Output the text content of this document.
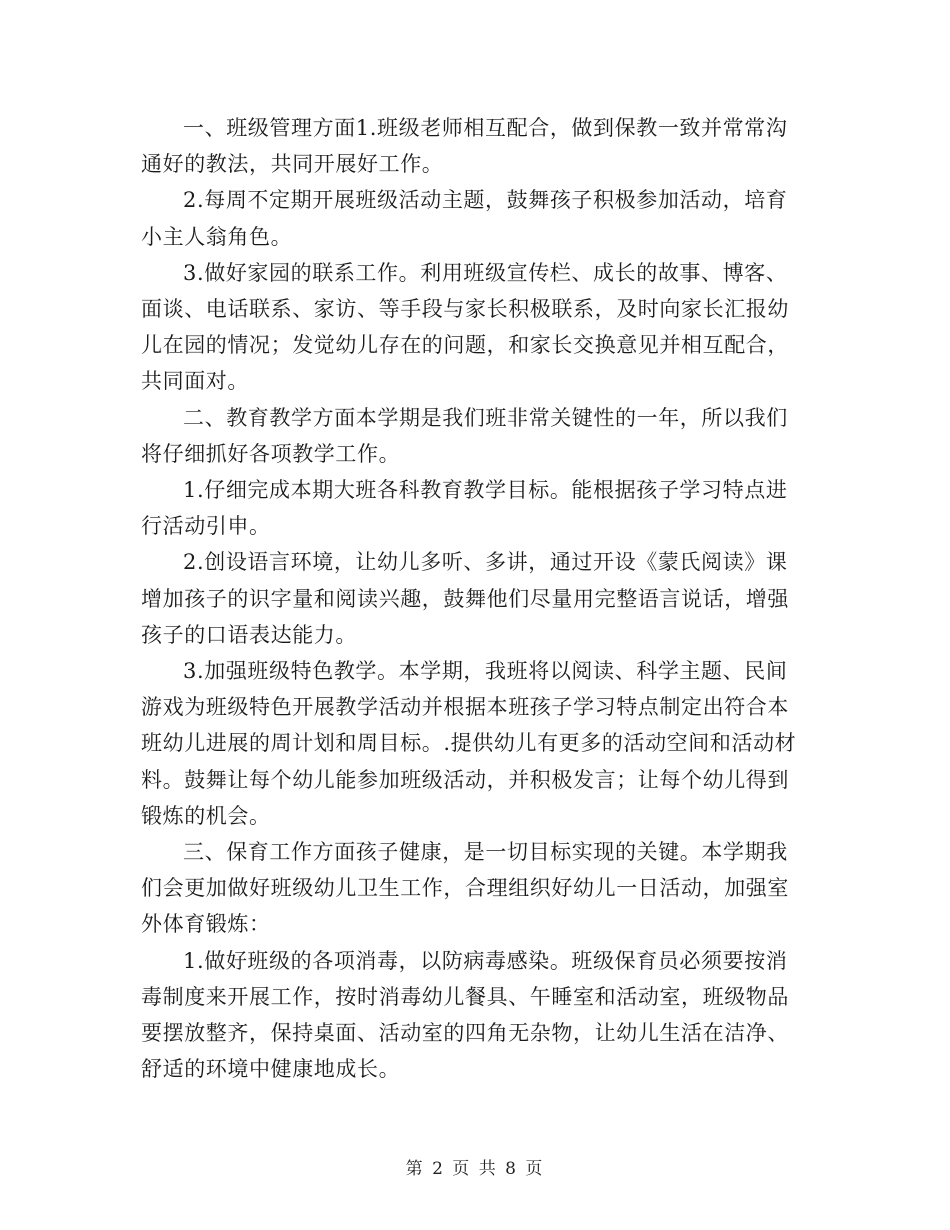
一、班级管理方面1.班级老师相互配合，做到保教一致并常常沟
通好的教法，共同开展好工作。

2.每周不定期开展班级活动主题，鼓舞孩子积极参加活动，培育
小主人翁角色。

3.做好家园的联系工作。利用班级宣传栏、成长的故事、博客、
面谈、电话联系、家访、等手段与家长积极联系，及时向家长汇报幼
儿在园的情况；发觉幼儿存在的问题，和家长交换意见并相互配合，
共同面对。

二、教育教学方面本学期是我们班非常关键性的一年，所以我们
将仔细抓好各项教学工作。

1.仔细完成本期大班各科教育教学目标。能根据孩子学习特点进
行活动引申。

2.创设语言环境，让幼儿多听、多讲，通过开设《蒙氏阅读》课
增加孩子的识字量和阅读兴趣，鼓舞他们尽量用完整语言说话，增强
孩子的口语表达能力。

3.加强班级特色教学。本学期，我班将以阅读、科学主题、民间
游戏为班级特色开展教学活动并根据本班孩子学习特点制定出符合本
班幼儿进展的周计划和周目标。.提供幼儿有更多的活动空间和活动材
料。鼓舞让每个幼儿能参加班级活动，并积极发言；让每个幼儿得到
锻炼的机会。

三、保育工作方面孩子健康，是一切目标实现的关键。本学期我
们会更加做好班级幼儿卫生工作，合理组织好幼儿一日活动，加强室
外体育锻炼：

1.做好班级的各项消毒，以防病毒感染。班级保育员必须要按消
毒制度来开展工作，按时消毒幼儿餐具、午睡室和活动室，班级物品
要摆放整齐，保持桌面、活动室的四角无杂物，让幼儿生活在洁净、
舒适的环境中健康地成长。

第 2 页 共 8 页
